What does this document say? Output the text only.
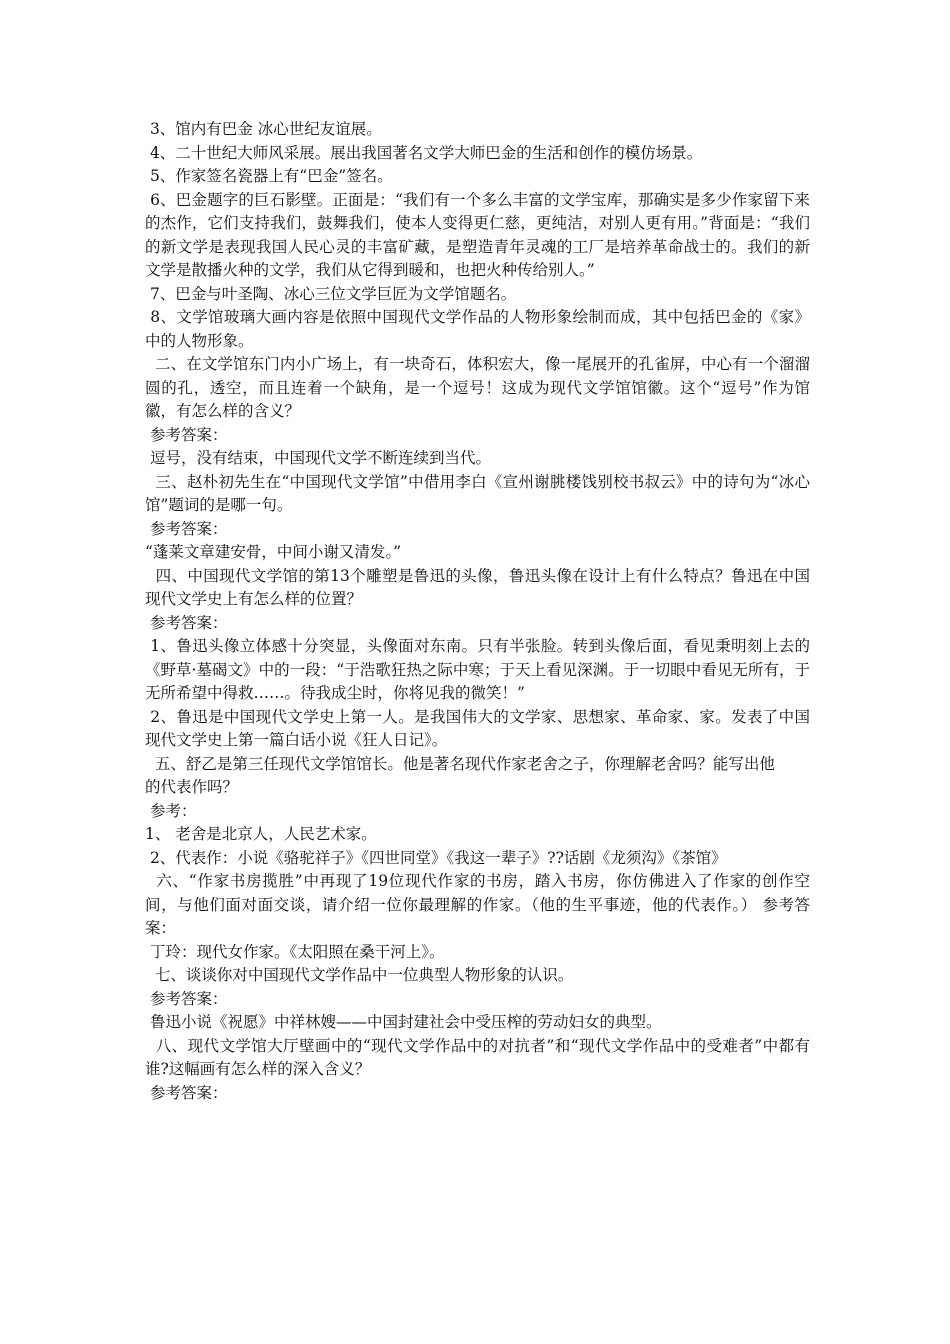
3、馆内有巴金 冰心世纪友谊展。

4、二十世纪大师风采展。展出我国著名文学大师巴金的生活和创作的模仿场景。

5、作家签名瓷器上有“巴金”签名。

6、巴金题字的巨石影壁。正面是：“我们有一个多么丰富的文学宝库，那确实是多少作家留下来的杰作，它们支持我们，鼓舞我们，使本人变得更仁慈，更纯洁，对别人更有用。”背面是：“我们的新文学是表现我国人民心灵的丰富矿藏，是塑造青年灵魂的工厂是培养革命战士的。我们的新文学是散播火种的文学，我们从它得到暖和，也把火种传给别人。”

7、巴金与叶圣陶、冰心三位文学巨匠为文学馆题名。

8、文学馆玻璃大画内容是依照中国现代文学作品的人物形象绘制而成，其中包括巴金的《家》中的人物形象。

二、在文学馆东门内小广场上，有一块奇石，体积宏大，像一尾展开的孔雀屏，中心有一个溜溜圆的孔，透空，而且连着一个缺角，是一个逗号！这成为现代文学馆馆徽。这个“逗号”作为馆徽，有怎么样的含义？

参考答案：

逗号，没有结束，中国现代文学不断连续到当代。

三、赵朴初先生在“中国现代文学馆”中借用李白《宣州谢朓楼饯别校书叔云》中的诗句为“冰心馆”题词的是哪一句。

参考答案：

“蓬莱文章建安骨，中间小谢又清发。”

四、中国现代文学馆的第13个雕塑是鲁迅的头像，鲁迅头像在设计上有什么特点？鲁迅在中国现代文学史上有怎么样的位置？

参考答案：

1、鲁迅头像立体感十分突显，头像面对东南。只有半张脸。转到头像后面，看见秉明刻上去的《野草·墓碣文》中的一段：“于浩歌狂热之际中寒；于天上看见深渊。于一切眼中看见无所有，于无所希望中得救……。待我成尘时，你将见我的微笑！”

2、鲁迅是中国现代文学史上第一人。是我国伟大的文学家、思想家、革命家、家。发表了中国现代文学史上第一篇白话小说《狂人日记》。

五、舒乙是第三任现代文学馆馆长。他是著名现代作家老舍之子，你理解老舍吗？能写出他

的代表作吗？

参考：

1、 老舍是北京人，人民艺术家。

2、代表作：小说《骆驼祥子》《四世同堂》《我这一辈子》??话剧《龙须沟》《茶馆》

六、“作家书房揽胜”中再现了19位现代作家的书房，踏入书房，你仿佛进入了作家的创作空间，与他们面对面交谈，请介绍一位你最理解的作家。（他的生平事迹，他的代表作。） 参考答案：

丁玲：现代女作家。《太阳照在桑干河上》。

七、谈谈你对中国现代文学作品中一位典型人物形象的认识。

参考答案：

鲁迅小说《祝愿》中祥林嫂——中国封建社会中受压榨的劳动妇女的典型。

八、现代文学馆大厅壁画中的“现代文学作品中的对抗者”和“现代文学作品中的受难者”中都有谁?这幅画有怎么样的深入含义？

参考答案：
